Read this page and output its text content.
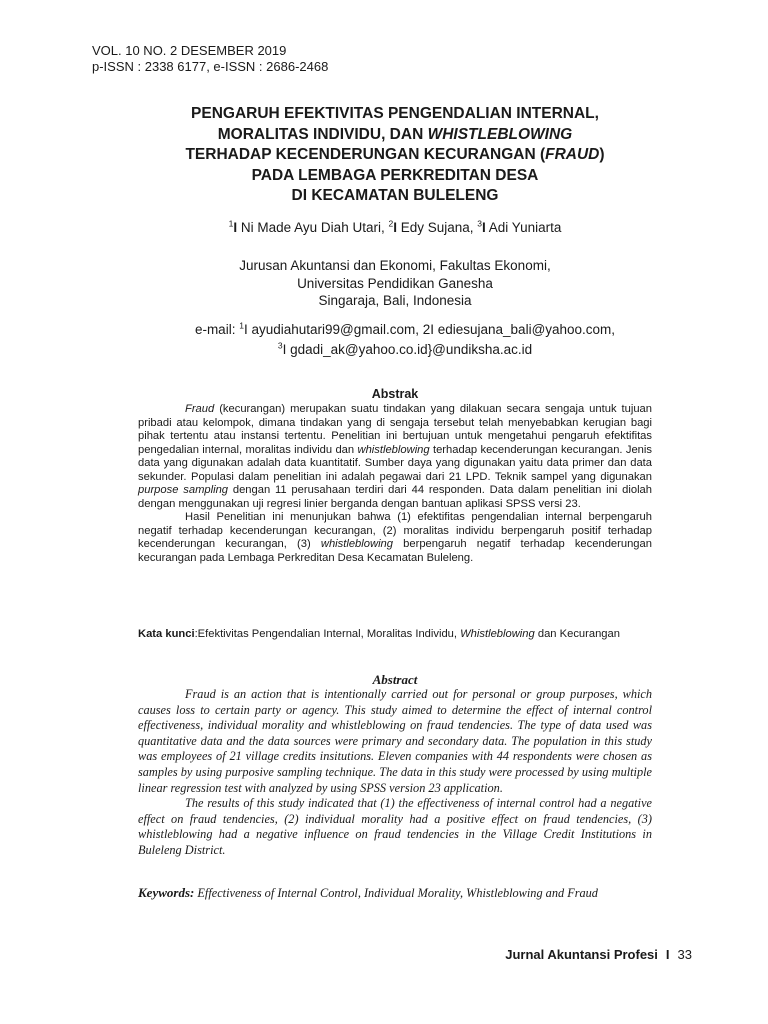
VOL. 10 NO. 2 DESEMBER 2019
p-ISSN : 2338 6177, e-ISSN : 2686-2468
PENGARUH EFEKTIVITAS PENGENDALIAN INTERNAL,
MORALITAS INDIVIDU, DAN WHISTLEBLOWING
TERHADAP KECENDERUNGAN KECURANGAN (FRAUD)
PADA LEMBAGA PERKREDITAN DESA
DI KECAMATAN BULELENG
$^1$I Ni Made Ayu Diah Utari, $^2$I Edy Sujana, $^3$I Adi Yuniarta
Jurusan Akuntansi dan Ekonomi, Fakultas Ekonomi,
Universitas Pendidikan Ganesha
Singaraja, Bali, Indonesia
e-mail: $^1$I ayudiahutari99@gmail.com, 2I ediesujana_bali@yahoo.com,
$^3$I gdadi_ak@yahoo.co.id}@undiksha.ac.id
Abstrak

Fraud (kecurangan) merupakan suatu tindakan yang dilakuan secara sengaja untuk tujuan pribadi atau kelompok, dimana tindakan yang di sengaja tersebut telah menyebabkan kerugian bagi pihak tertentu atau instansi tertentu. Penelitian ini bertujuan untuk mengetahui pengaruh efektifitas pengedalian internal, moralitas individu dan whistleblowing terhadap kecenderungan kecurangan. Jenis data yang digunakan adalah data kuantitatif. Sumber daya yang digunakan yaitu data primer dan data sekunder. Populasi dalam penelitian ini adalah pegawai dari 21 LPD. Teknik sampel yang digunakan purpose sampling dengan 11 perusahaan terdiri dari 44 responden. Data dalam penelitian ini diolah dengan menggunakan uji regresi linier berganda dengan bantuan aplikasi SPSS versi 23.

Hasil Penelitian ini menunjukan bahwa (1) efektifitas pengendalian internal berpengaruh negatif terhadap kecenderungan kecurangan, (2) moralitas individu berpengaruh positif terhadap kecenderungan kecurangan, (3) whistleblowing berpengaruh negatif terhadap kecenderungan kecurangan pada Lembaga Perkreditan Desa Kecamatan Buleleng.

Kata kunci:Efektivitas Pengendalian Internal, Moralitas Individu, Whistleblowing dan Kecurangan
Abstract

Fraud is an action that is intentionally carried out for personal or group purposes, which causes loss to certain party or agency. This study aimed to determine the effect of internal control effectiveness, individual morality and whistleblowing on fraud tendencies. The type of data used was quantitative data and the data sources were primary and secondary data. The population in this study was employees of 21 village credits insitutions. Eleven companies with 44 respondents were chosen as samples by using purposive sampling technique. The data in this study were processed by using multiple linear regression test with analyzed by using SPSS version 23 application.

The results of this study indicated that (1) the effectiveness of internal control had a negative effect on fraud tendencies, (2) individual morality had a positive effect on fraud tendencies, (3) whistleblowing had a negative influence on fraud tendencies in the Village Credit Institutions in Buleleng District.

Keywords: Effectiveness of Internal Control, Individual Morality, Whistleblowing and Fraud
Jurnal Akuntansi Profesi I 33
